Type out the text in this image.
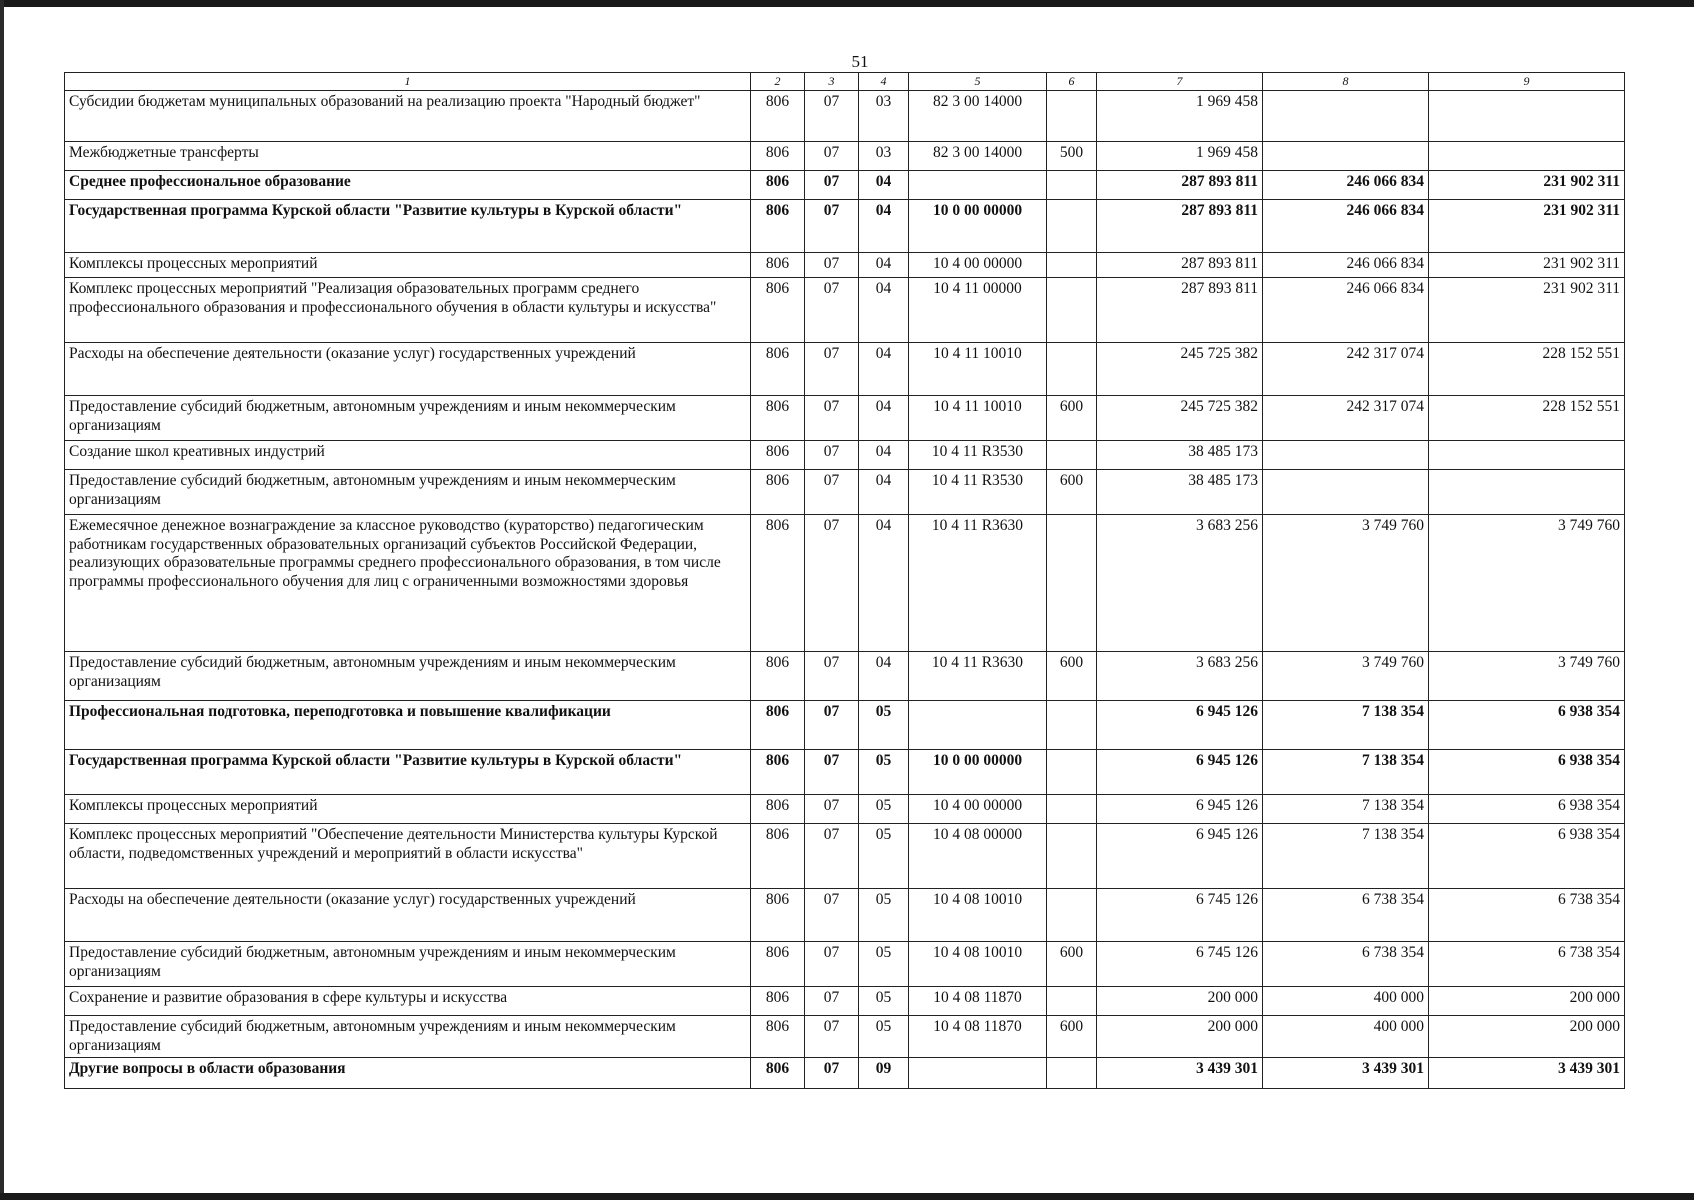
51
1	2	3	4	5	6	7	8	9
Субсидии бюджетам муниципальных образований на реализацию проекта "Народный бюджет"	806	07	03	82 3 00 14000		1 969 458		
Межбюджетные трансферты	806	07	03	82 3 00 14000	500	1 969 458		
Среднее профессиональное образование	806	07	04			287 893 811	246 066 834	231 902 311
Государственная программа Курской области "Развитие культуры в Курской области"	806	07	04	10 0 00 00000		287 893 811	246 066 834	231 902 311
Комплексы процессных мероприятий	806	07	04	10 4 00 00000		287 893 811	246 066 834	231 902 311
Комплекс процессных мероприятий "Реализация образовательных программ среднего профессионального образования и профессионального обучения в области культуры и искусства"	806	07	04	10 4 11 00000		287 893 811	246 066 834	231 902 311
Расходы на обеспечение деятельности (оказание услуг) государственных учреждений	806	07	04	10 4 11 10010		245 725 382	242 317 074	228 152 551
Предоставление субсидий бюджетным, автономным учреждениям и иным некоммерческим организациям	806	07	04	10 4 11 10010	600	245 725 382	242 317 074	228 152 551
Создание школ креативных индустрий	806	07	04	10 4 11 R3530		38 485 173		
Предоставление субсидий бюджетным, автономным учреждениям и иным некоммерческим организациям	806	07	04	10 4 11 R3530	600	38 485 173		
Ежемесячное денежное вознаграждение за классное руководство (кураторство) педагогическим работникам государственных образовательных организаций субъектов Российской Федерации, реализующих образовательные программы среднего профессионального образования, в том числе программы профессионального обучения для лиц с ограниченными возможностями здоровья	806	07	04	10 4 11 R3630		3 683 256	3 749 760	3 749 760
Предоставление субсидий бюджетным, автономным учреждениям и иным некоммерческим организациям	806	07	04	10 4 11 R3630	600	3 683 256	3 749 760	3 749 760
Профессиональная подготовка, переподготовка и повышение квалификации	806	07	05			6 945 126	7 138 354	6 938 354
Государственная программа Курской области "Развитие культуры в Курской области"	806	07	05	10 0 00 00000		6 945 126	7 138 354	6 938 354
Комплексы процессных мероприятий	806	07	05	10 4 00 00000		6 945 126	7 138 354	6 938 354
Комплекс процессных мероприятий "Обеспечение деятельности Министерства культуры Курской области, подведомственных учреждений и мероприятий в области искусства"	806	07	05	10 4 08 00000		6 945 126	7 138 354	6 938 354
Расходы на обеспечение деятельности (оказание услуг) государственных учреждений	806	07	05	10 4 08 10010		6 745 126	6 738 354	6 738 354
Предоставление субсидий бюджетным, автономным учреждениям и иным некоммерческим организациям	806	07	05	10 4 08 10010	600	6 745 126	6 738 354	6 738 354
Сохранение и развитие образования в сфере культуры и искусства	806	07	05	10 4 08 11870		200 000	400 000	200 000
Предоставление субсидий бюджетным, автономным учреждениям и иным некоммерческим организациям	806	07	05	10 4 08 11870	600	200 000	400 000	200 000
Другие вопросы в области образования	806	07	09			3 439 301	3 439 301	3 439 301
